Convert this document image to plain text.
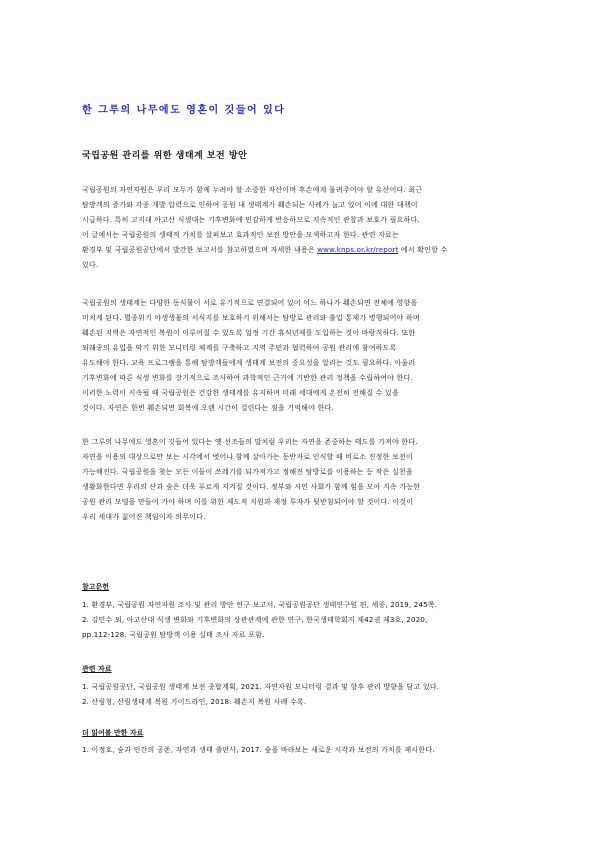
한 그루의 나무에도 영혼이 깃들어 있다
국립공원 관리를 위한 생태계 보전 방안
국립공원의 자연자원은 우리 모두가 함께 누려야 할 소중한 자산이며 후손에게 물려주어야 할 유산이다. 최근
탐방객의 증가와 각종 개발 압력으로 인하여 공원 내 생태계가 훼손되는 사례가 늘고 있어 이에 대한 대책이
시급하다. 특히 고지대 아고산 식생대는 기후변화에 민감하게 반응하므로 지속적인 관찰과 보호가 필요하다.
이 글에서는 국립공원의 생태적 가치를 살펴보고 효과적인 보전 방안을 모색하고자 한다. 관련 자료는
환경부 및 국립공원공단에서 발간한 보고서를 참고하였으며 자세한 내용은 www.knps.or.kr/report 에서 확인할 수
있다.
국립공원의 생태계는 다양한 동식물이 서로 유기적으로 연결되어 있어 어느 하나가 훼손되면 전체에 영향을
미치게 된다. 멸종위기 야생생물의 서식지를 보호하기 위해서는 탐방로 관리와 출입 통제가 병행되어야 하며
훼손된 지역은 자연적인 복원이 이루어질 수 있도록 일정 기간 휴식년제를 도입하는 것이 바람직하다. 또한
외래종의 유입을 막기 위한 모니터링 체계를 구축하고 지역 주민과 협력하여 공원 관리에 참여하도록
유도해야 한다. 교육 프로그램을 통해 탐방객들에게 생태계 보전의 중요성을 알리는 것도 필요하다. 아울러
기후변화에 따른 식생 변화를 장기적으로 조사하여 과학적인 근거에 기반한 관리 정책을 수립하여야 한다.
이러한 노력이 지속될 때 국립공원은 건강한 생태계를 유지하며 미래 세대에게 온전히 전해질 수 있을
것이다. 자연은 한번 훼손되면 회복에 오랜 시간이 걸린다는 점을 기억해야 한다.
한 그루의 나무에도 영혼이 깃들어 있다는 옛 선조들의 말처럼 우리는 자연을 존중하는 태도를 가져야 한다.
자연을 이용의 대상으로만 보는 시각에서 벗어나 함께 살아가는 동반자로 인식할 때 비로소 진정한 보전이
가능해진다. 국립공원을 찾는 모든 이들이 쓰레기를 되가져가고 정해진 탐방로를 이용하는 등 작은 실천을
생활화한다면 우리의 산과 숲은 더욱 푸르게 지켜질 것이다. 정부와 시민 사회가 함께 힘을 모아 지속 가능한
공원 관리 모델을 만들어 가야 하며 이를 위한 제도적 지원과 재정 투자가 뒷받침되어야 할 것이다. 이것이
우리 세대가 짊어진 책임이자 의무이다.
참고문헌
1. 환경부, 국립공원 자연자원 조사 및 관리 방안 연구 보고서, 국립공원공단 생태연구원 편, 세종, 2019, 245쪽.
2. 김민수 외, 아고산대 식생 변화와 기후변화의 상관관계에 관한 연구, 한국생태학회지 제42권 제3호, 2020,
pp.112-128. 국립공원 탐방객 이용 실태 조사 자료 포함.
관련 자료
1. 국립공원공단, 국립공원 생태계 보전 종합계획, 2021. 자연자원 모니터링 결과 및 향후 관리 방향을 담고 있다.
2. 산림청, 산림생태계 복원 가이드라인, 2018. 훼손지 복원 사례 수록.
더 읽어볼 만한 자료
1. 이정호, 숲과 인간의 공존, 자연과 생태 출판사, 2017. 숲을 바라보는 새로운 시각과 보전의 가치를 제시한다.
